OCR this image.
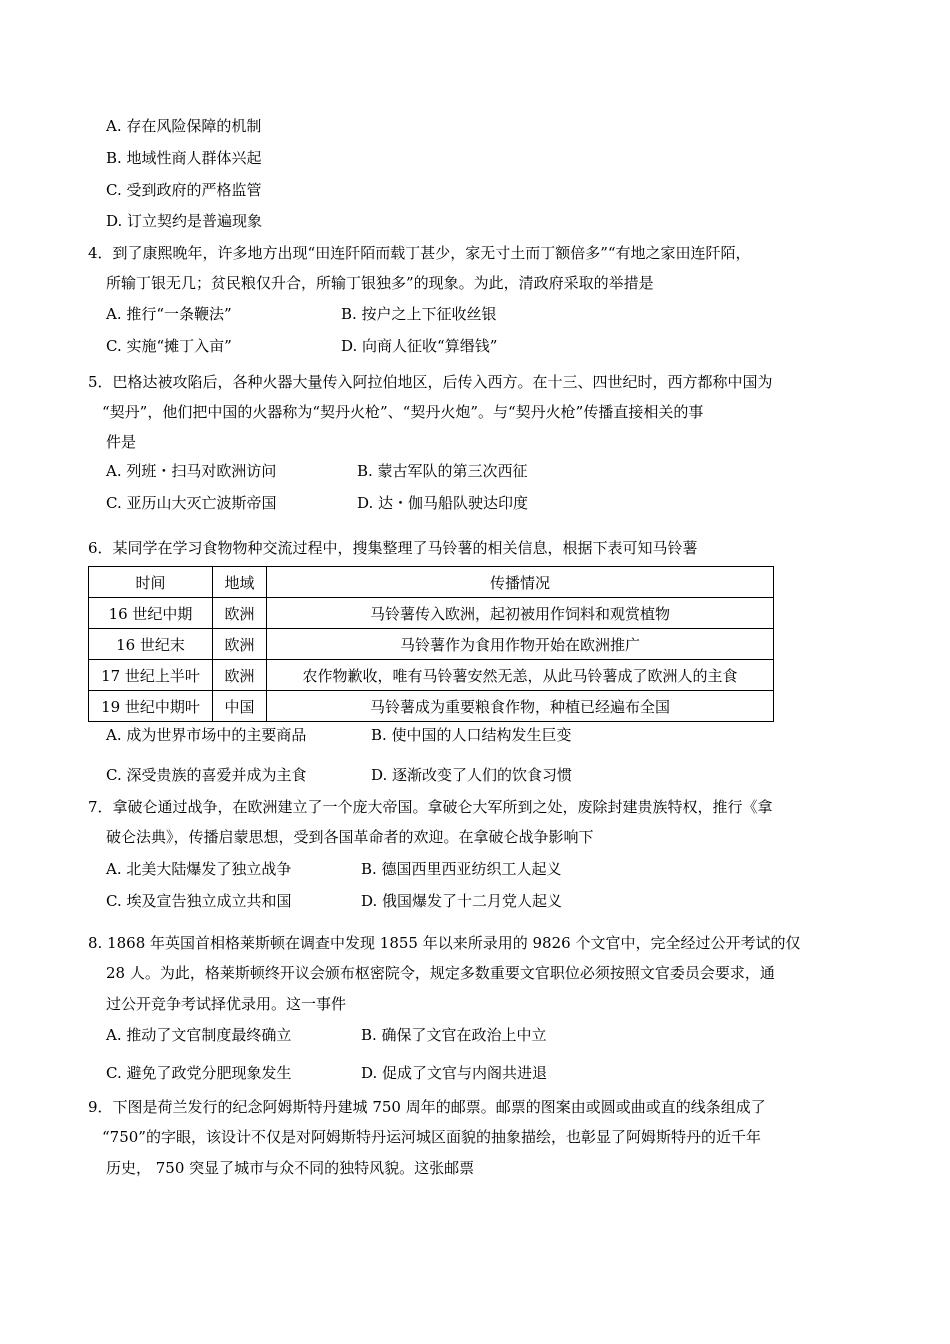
A. 存在风险保障的机制
B. 地域性商人群体兴起
C. 受到政府的严格监管
D. 订立契约是普遍现象
4．到了康熙晚年，许多地方出现“田连阡陌而载丁甚少，家无寸土而丁额倍多”“有地之家田连阡陌，
所输丁银无几；贫民粮仅升合，所输丁银独多”的现象。为此，清政府采取的举措是
A. 推行“一条鞭法”	B. 按户之上下征收丝银
C. 实施“摊丁入亩”	D. 向商人征收“算缗钱”
5．巴格达被攻陷后，各种火器大量传入阿拉伯地区，后传入西方。在十三、四世纪时，西方都称中国为
“契丹”，他们把中国的火器称为“契丹火枪”、“契丹火炮”。与“契丹火枪”传播直接相关的事
件是
A. 列班・扫马对欧洲访问	B. 蒙古军队的第三次西征
C. 亚历山大灭亡波斯帝国	D. 达・伽马船队驶达印度
6．某同学在学习食物物种交流过程中，搜集整理了马铃薯的相关信息，根据下表可知马铃薯
时间	地域	传播情况
16 世纪中期	欧洲	马铃薯传入欧洲，起初被用作饲料和观赏植物
16 世纪末	欧洲	马铃薯作为食用作物开始在欧洲推广
17 世纪上半叶	欧洲	农作物歉收，唯有马铃薯安然无恙，从此马铃薯成了欧洲人的主食
19 世纪中期叶	中国	马铃薯成为重要粮食作物，种植已经遍布全国
A. 成为世界市场中的主要商品	B. 使中国的人口结构发生巨变
C. 深受贵族的喜爱并成为主食	D. 逐渐改变了人们的饮食习惯
7．拿破仑通过战争，在欧洲建立了一个庞大帝国。拿破仑大军所到之处，废除封建贵族特权，推行《拿
破仑法典》，传播启蒙思想，受到各国革命者的欢迎。在拿破仑战争影响下
A. 北美大陆爆发了独立战争	B. 德国西里西亚纺织工人起义
C. 埃及宣告独立成立共和国	D. 俄国爆发了十二月党人起义
8. 1868 年英国首相格莱斯顿在调查中发现 1855 年以来所录用的 9826 个文官中，完全经过公开考试的仅
28 人。为此，格莱斯顿终开议会颁布枢密院令，规定多数重要文官职位必须按照文官委员会要求，通
过公开竞争考试择优录用。这一事件
A. 推动了文官制度最终确立	B. 确保了文官在政治上中立
C. 避免了政党分肥现象发生	D. 促成了文官与内阁共进退
9．下图是荷兰发行的纪念阿姆斯特丹建城 750 周年的邮票。邮票的图案由或圆或曲或直的线条组成了
“750”的字眼，该设计不仅是对阿姆斯特丹运河城区面貌的抽象描绘，也彰显了阿姆斯特丹的近千年
历史， 750 突显了城市与众不同的独特风貌。这张邮票
